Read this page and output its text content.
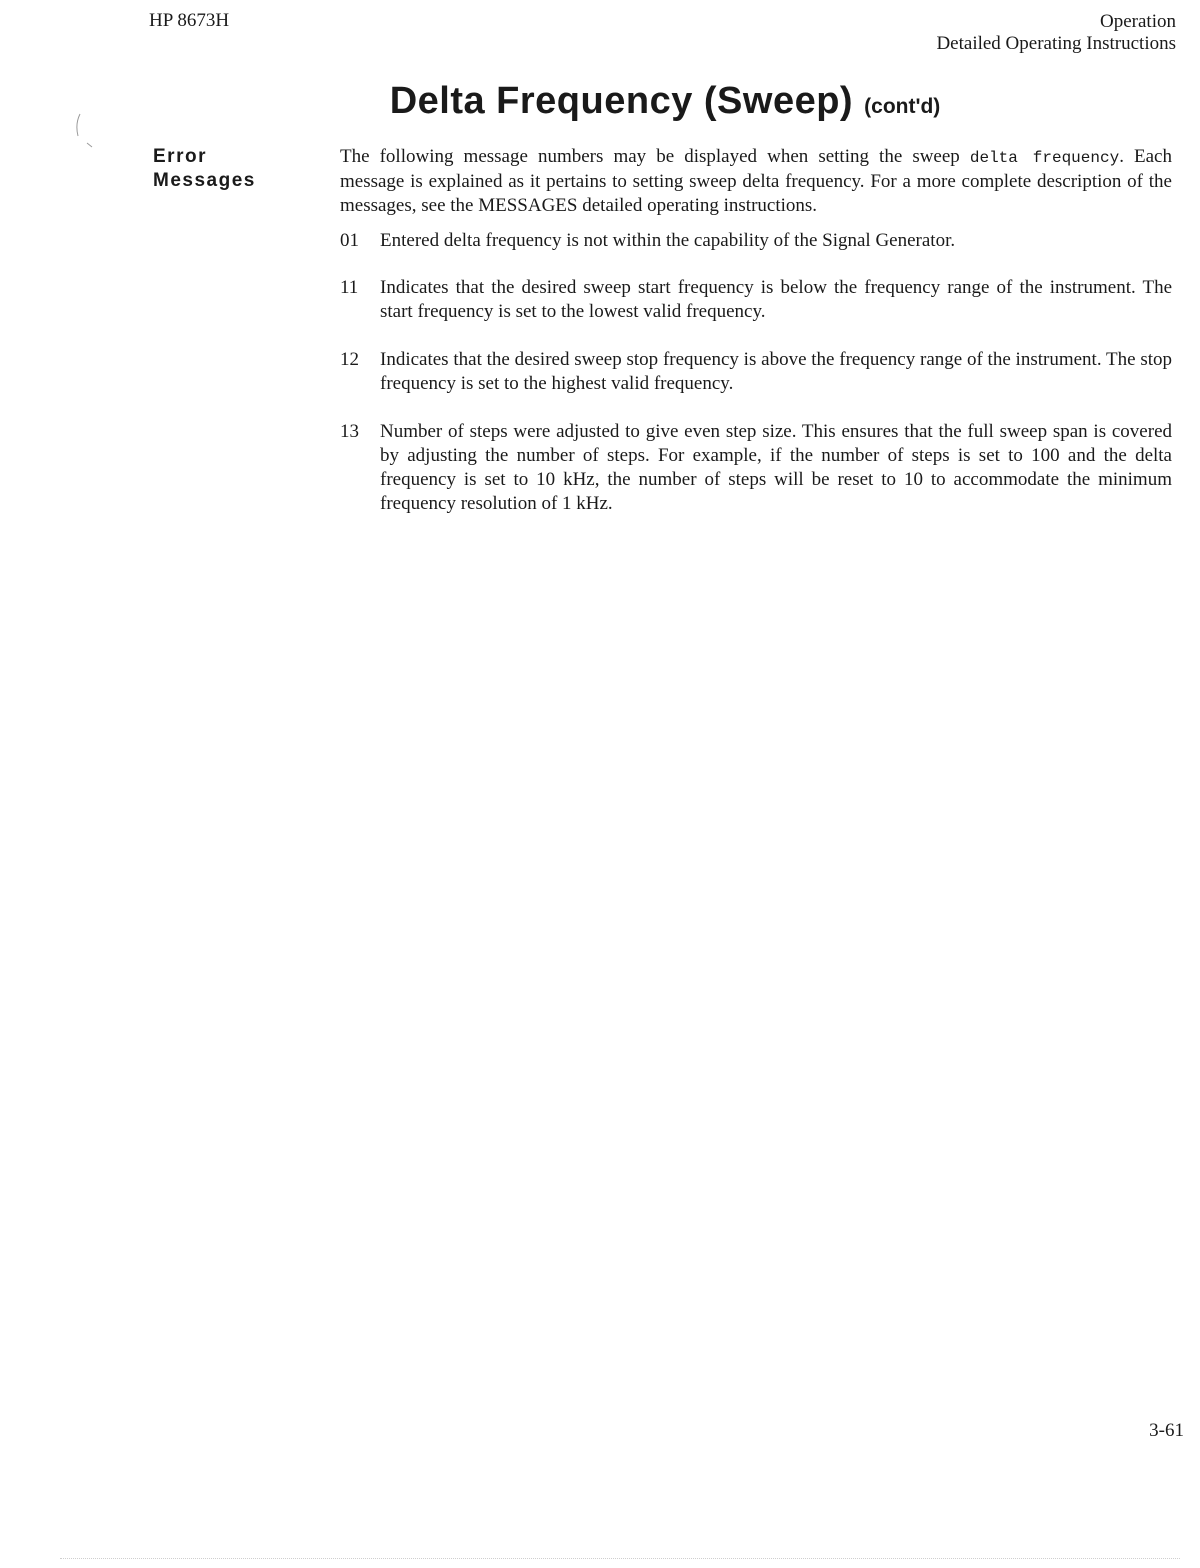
HP 8673H	Operation
Detailed Operating Instructions
Delta Frequency (Sweep) (cont'd)
Error
Messages

The following message numbers may be displayed when setting the sweep delta frequency. Each message is explained as it pertains to setting sweep delta frequency. For a more complete description of the messages, see the MESSAGES detailed operating instructions.

01	Entered delta frequency is not within the capability of the Signal Generator.
11	Indicates that the desired sweep start frequency is below the frequency range of the instrument. The start frequency is set to the lowest valid frequency.
12	Indicates that the desired sweep stop frequency is above the frequency range of the instrument. The stop frequency is set to the highest valid frequency.
13	Number of steps were adjusted to give even step size. This ensures that the full sweep span is covered by adjusting the number of steps. For example, if the number of steps is set to 100 and the delta frequency is set to 10 kHz, the number of steps will be reset to 10 to accommodate the minimum frequency resolution of 1 kHz.
3-61
